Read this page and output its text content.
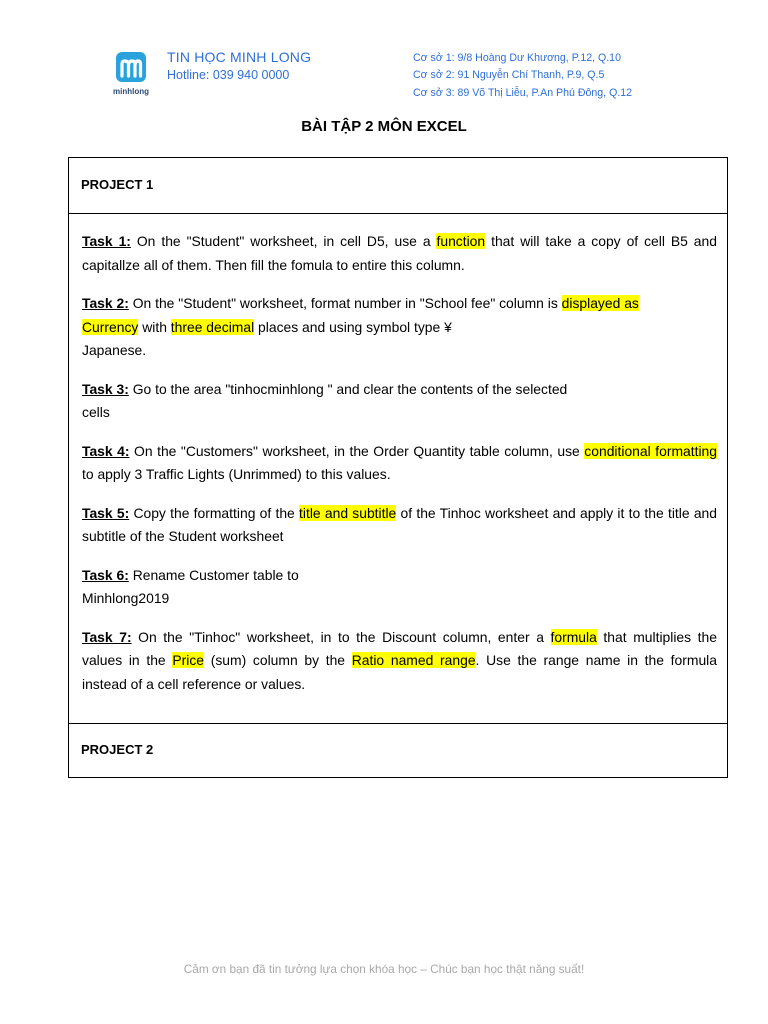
minhlong
TIN HỌC MINH LONG
Hotline: 039 940 0000
Cơ sở 1: 9/8 Hoàng Dư Khương, P.12, Q.10
Cơ sở 2: 91 Nguyễn Chí Thanh, P.9, Q.5
Cơ sở 3: 89 Võ Thị Liễu, P.An Phú Đông, Q.12
BÀI TẬP 2 MÔN EXCEL
PROJECT 1
Task 1: On the "Student" worksheet, in cell D5, use a function that will take a copy of cell B5 and capitallze all of them. Then fill the fomula to entire this column.
Task 2: On the "Student" worksheet, format number in "School fee" column is displayed as
Currency with three decimal places and using symbol type ¥
Japanese.
Task 3: Go to the area "tinhocminhlong " and clear the contents of the selected
cells
Task 4: On the "Customers" worksheet, in the Order Quantity table column, use conditional formatting to apply 3 Traffic Lights (Unrimmed) to this values.
Task 5: Copy the formatting of the title and subtitle of the Tinhoc worksheet and apply it to the title and subtitle of the Student worksheet
Task 6: Rename Customer table to
Minhlong2019
Task 7: On the "Tinhoc" worksheet, in to the Discount column, enter a formula that multiplies the values in the Price (sum) column by the Ratio named range. Use the range name in the formula instead of a cell reference or values.
PROJECT 2
Cảm ơn bạn đã tin tưởng lựa chọn khóa học – Chúc bạn học thật năng suất!
